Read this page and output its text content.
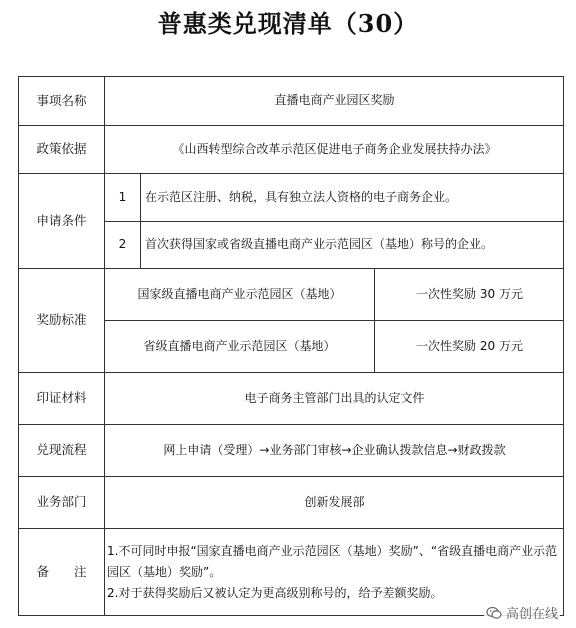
普惠类兑现清单（30）
事项名称	直播电商产业园区奖励
政策依据	《山西转型综合改革示范区促进电子商务企业发展扶持办法》
申请条件
1	在示范区注册、纳税，具有独立法人资格的电子商务企业。
2	首次获得国家或省级直播电商产业示范园区（基地）称号的企业。
奖励标准
国家级直播电商产业示范园区（基地）	一次性奖励 30 万元
省级直播电商产业示范园区（基地）	一次性奖励 20 万元
印证材料	电子商务主管部门出具的认定文件
兑现流程	网上申请（受理）→业务部门审核→企业确认拨款信息→财政拨款
业务部门	创新发展部
备　　注

1.不可同时申报“国家直播电商产业示范园区（基地）奖励”、“省级直播电商产业示范园区（基地）奖励”。

2.对于获得奖励后又被认定为更高级别称号的，给予差额奖励。

高创在线
